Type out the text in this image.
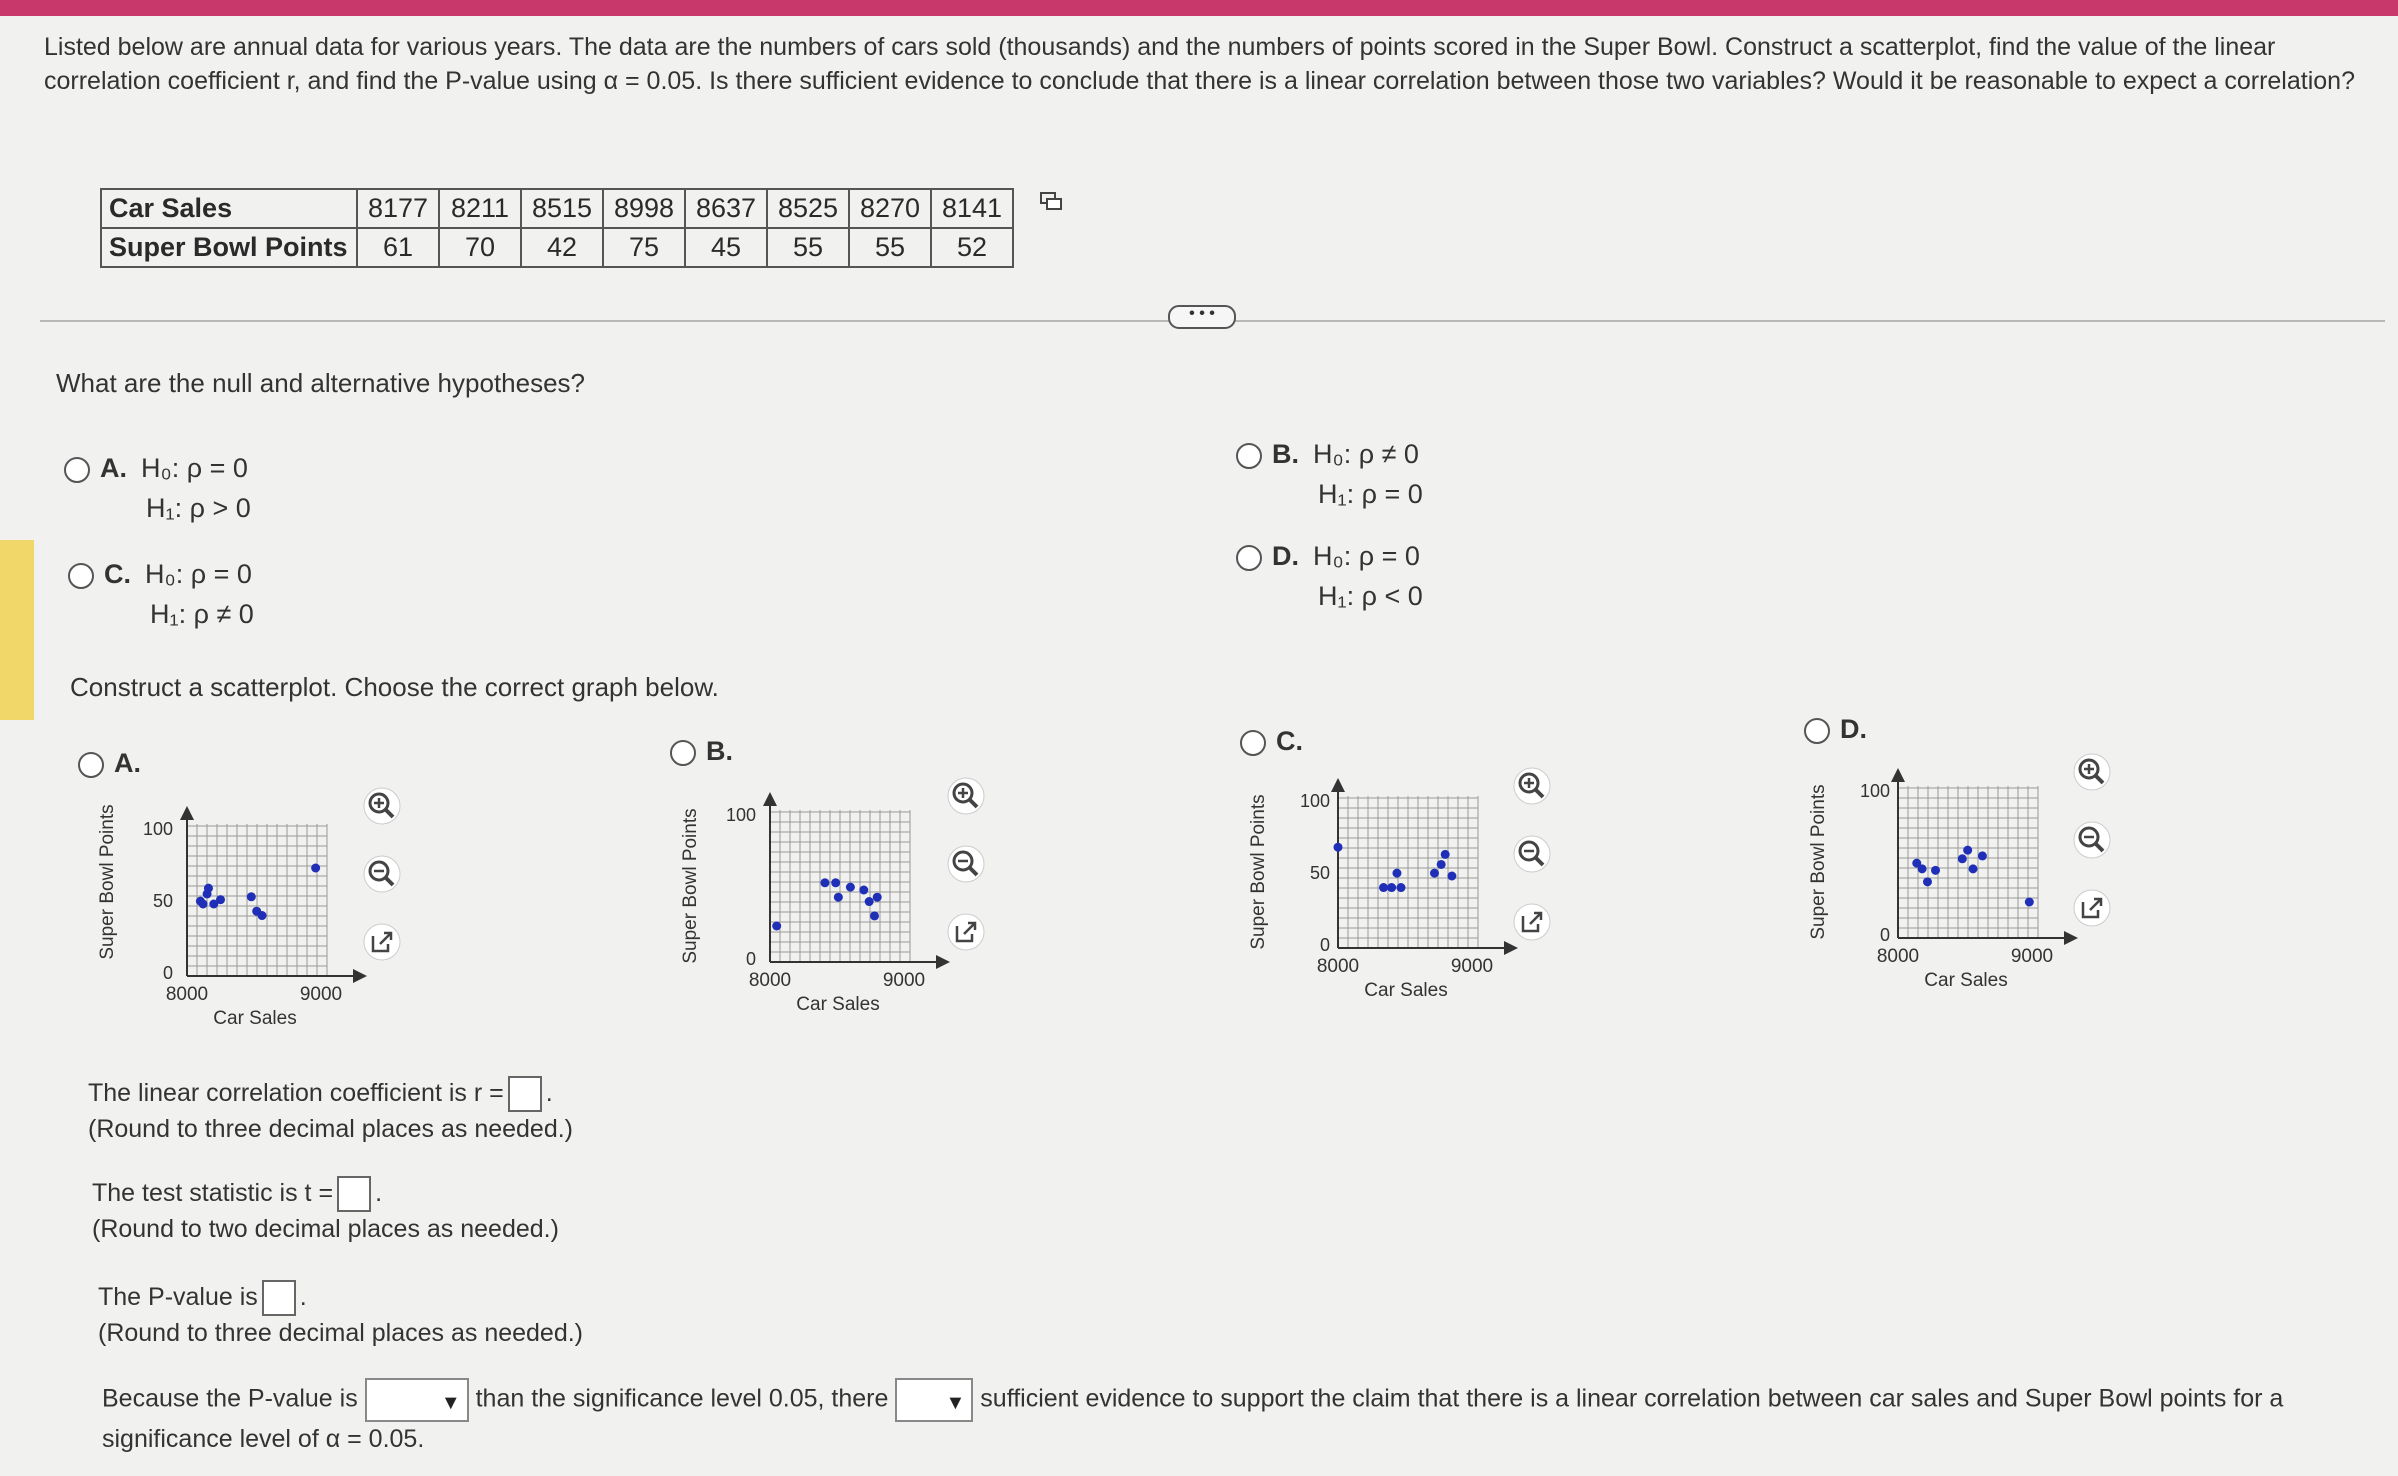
Listed below are annual data for various years. The data are the numbers of cars sold (thousands) and the numbers of points scored in the Super Bowl. Construct a scatterplot, find the value of the linear correlation coefficient r, and find the P-value using α = 0.05. Is there sufficient evidence to conclude that there is a linear correlation between those two variables? Would it be reasonable to expect a correlation?
Car Sales	8177	8211	8515	8998	8637	8525	8270	8141
Super Bowl Points	61	70	42	75	45	55	55	52
• • •
What are the null and alternative hypotheses?
A. H₀: ρ = 0
H₁: ρ > 0
B. H₀: ρ ≠ 0
H₁: ρ = 0
C. H₀: ρ = 0
H₁: ρ ≠ 0
D. H₀: ρ = 0
H₁: ρ < 0
Construct a scatterplot. Choose the correct graph below.
A.	B.	C.	D.
Super Bowl Points 100
50
0
8000	9000
Car Sales
Super Bowl Points 100
0
8000	9000
Car Sales
Super Bowl Points 100
50
0
8000	9000
Car Sales
Super Bowl Points 100
0
8000	9000
Car Sales
The linear correlation coefficient is r = .
(Round to three decimal places as needed.)
The test statistic is t = .
(Round to two decimal places as needed.)
The P-value is .
(Round to three decimal places as needed.)
Because the P-value is	▼ than the significance level 0.05, there	▼ sufficient evidence to support the claim that there is a linear correlation between car sales and Super Bowl points for a
significance level of α = 0.05.
